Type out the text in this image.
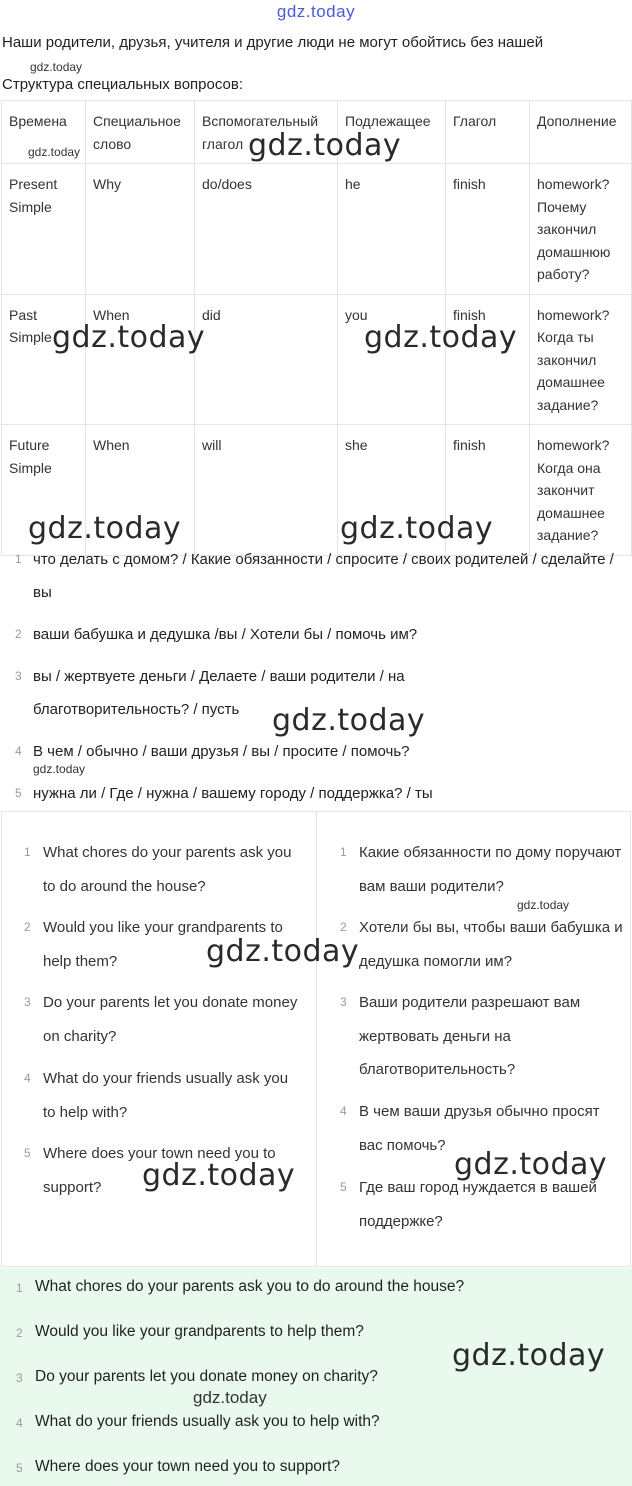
gdz.today
Наши родители, друзья, учителя и другие люди не могут обойтись без нашей
gdz.today
Структура специальных вопросов:
Времена	Специальное слово	Вспомогательный глагол	Подлежащее	Глагол	Дополнение
Present Simple	Why	do/does	he	finish	homework? Почему закончил домашнюю работу?
Past Simple	When	did	you	finish	homework? Когда ты закончил домашнее задание?
Future Simple	When	will	she	finish	homework? Когда она закончит домашнее задание?
gdz.today	gdz.today
gdz.today	gdz.today
gdz.today	gdz.today
1 что делать с домом? / Какие обязанности / спросите / своих родителей / сделайте / вы
2 ваши бабушка и дедушка /вы / Хотели бы / помочь им?
3 вы / жертвуете деньги / Делаете / ваши родители / на благотворительность? / пусть	gdz.today
4 В чем / обычно / ваши друзья / вы / просите / помочь?
gdz.today
5 нужна ли / Где / нужна / вашему городу / поддержка? / ты
1 What chores do your parents ask you to do around the house?
2 Would you like your grandparents to help them?
3 Do your parents let you donate money on charity?
4 What do your friends usually ask you to help with?
5 Where does your town need you to support?
1 Какие обязанности по дому поручают вам ваши родители?
2 Хотели бы вы, чтобы ваши бабушка и дедушка помогли им?
3 Ваши родители разрешают вам жертвовать деньги на благотворительность?
4 В чем ваши друзья обычно просят вас помочь?
5 Где ваш город нуждается в вашей поддержке?
gdz.today
gdz.today
gdz.today
gdz.today
1 What chores do your parents ask you to do around the house?
2 Would you like your grandparents to help them?
3 Do your parents let you donate money on charity?
4 What do your friends usually ask you to help with?
5 Where does your town need you to support?
gdz.today
gdz.today
